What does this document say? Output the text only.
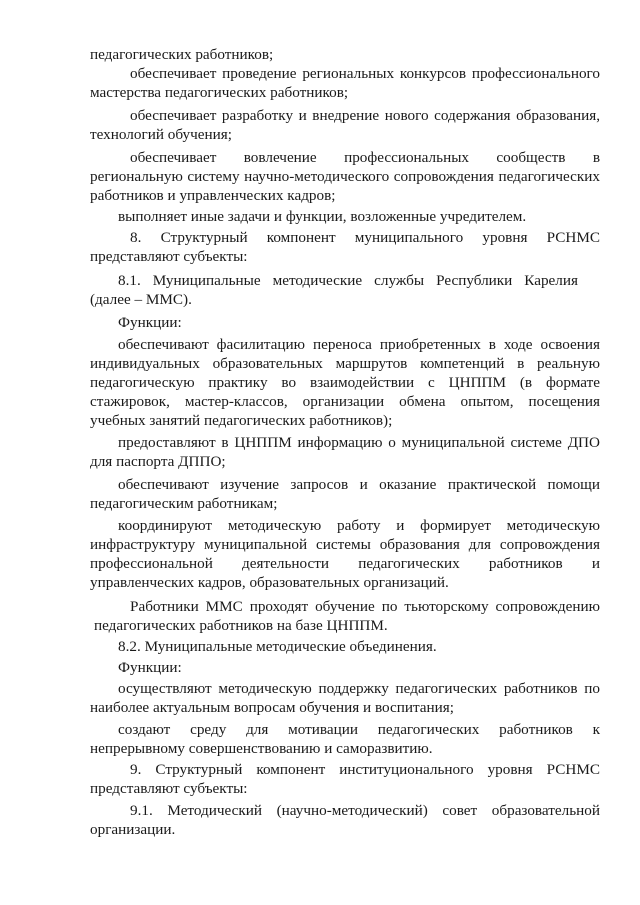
педагогических работников;
обеспечивает проведение региональных конкурсов профессионального
мастерства педагогических работников;
обеспечивает разработку и внедрение нового содержания образования,
технологий обучения;
обеспечивает вовлечение профессиональных сообществ в
региональную систему научно-методического сопровождения педагогических
работников и управленческих кадров;
выполняет иные задачи и функции, возложенные учредителем.
8. Структурный компонент муниципального уровня РСНМС
представляют субъекты:
8.1. Муниципальные методические службы Республики Карелия
(далее – ММС).
Функции:
обеспечивают фасилитацию переноса приобретенных в ходе освоения
индивидуальных образовательных маршрутов компетенций в реальную
педагогическую практику во взаимодействии с ЦНППМ (в формате
стажировок, мастер-классов, организации обмена опытом, посещения
учебных занятий педагогических работников);
предоставляют в ЦНППМ информацию о муниципальной системе ДПО
для паспорта ДППО;
обеспечивают изучение запросов и оказание практической помощи
педагогическим работникам;
координируют методическую работу и формирует методическую
инфраструктуру муниципальной системы образования для сопровождения
профессиональной деятельности педагогических работников и
управленческих кадров, образовательных организаций.
Работники ММС проходят обучение по тьюторскому сопровождению
педагогических работников на базе ЦНППМ.
8.2. Муниципальные методические объединения.
Функции:
осуществляют методическую поддержку педагогических работников по
наиболее актуальным вопросам обучения и воспитания;
создают среду для мотивации педагогических работников к
непрерывному совершенствованию и саморазвитию.
9. Структурный компонент институционального уровня РСНМС
представляют субъекты:
9.1. Методический (научно-методический) совет образовательной
организации.
